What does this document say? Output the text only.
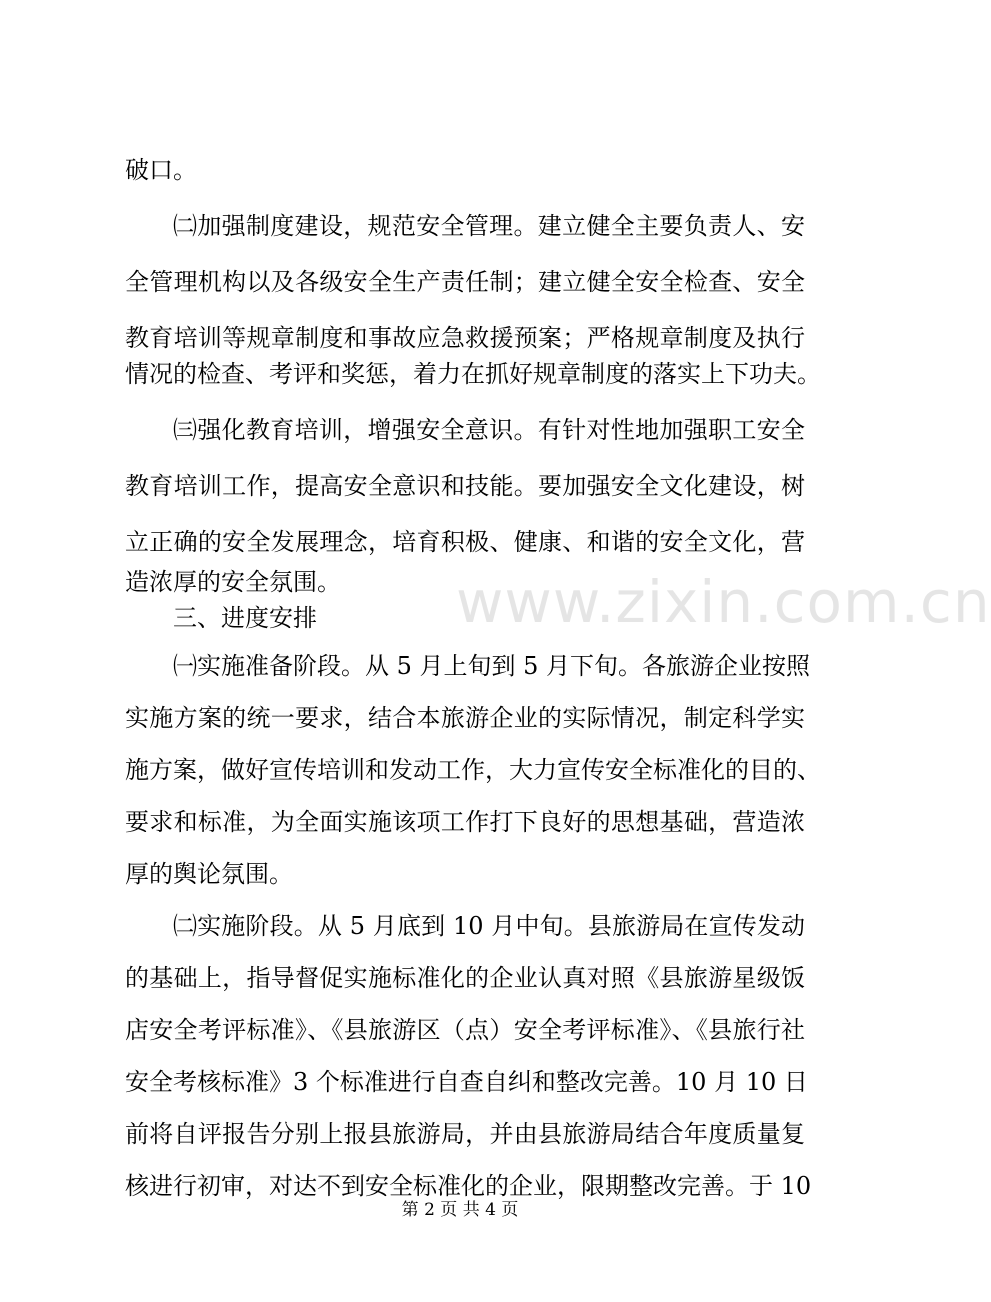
www.zixin.com.cn
破口。
㈡加强制度建设，规范安全管理。建立健全主要负责人、安
全管理机构以及各级安全生产责任制；建立健全安全检查、安全
教育培训等规章制度和事故应急救援预案；严格规章制度及执行
情况的检查、考评和奖惩，着力在抓好规章制度的落实上下功夫。
㈢强化教育培训，增强安全意识。有针对性地加强职工安全
教育培训工作，提高安全意识和技能。要加强安全文化建设，树
立正确的安全发展理念，培育积极、健康、和谐的安全文化，营
造浓厚的安全氛围。
三、进度安排
㈠实施准备阶段。从 5 月上旬到 5 月下旬。各旅游企业按照
实施方案的统一要求，结合本旅游企业的实际情况，制定科学实
施方案，做好宣传培训和发动工作，大力宣传安全标准化的目的、
要求和标准，为全面实施该项工作打下良好的思想基础，营造浓
厚的舆论氛围。
㈡实施阶段。从 5 月底到 10 月中旬。县旅游局在宣传发动
的基础上，指导督促实施标准化的企业认真对照《县旅游星级饭
店安全考评标准》、《县旅游区（点）安全考评标准》、《县旅行社
安全考核标准》3 个标准进行自查自纠和整改完善。10 月 10 日
前将自评报告分别上报县旅游局，并由县旅游局结合年度质量复
核进行初审，对达不到安全标准化的企业，限期整改完善。于 10
第 2 页 共 4 页
